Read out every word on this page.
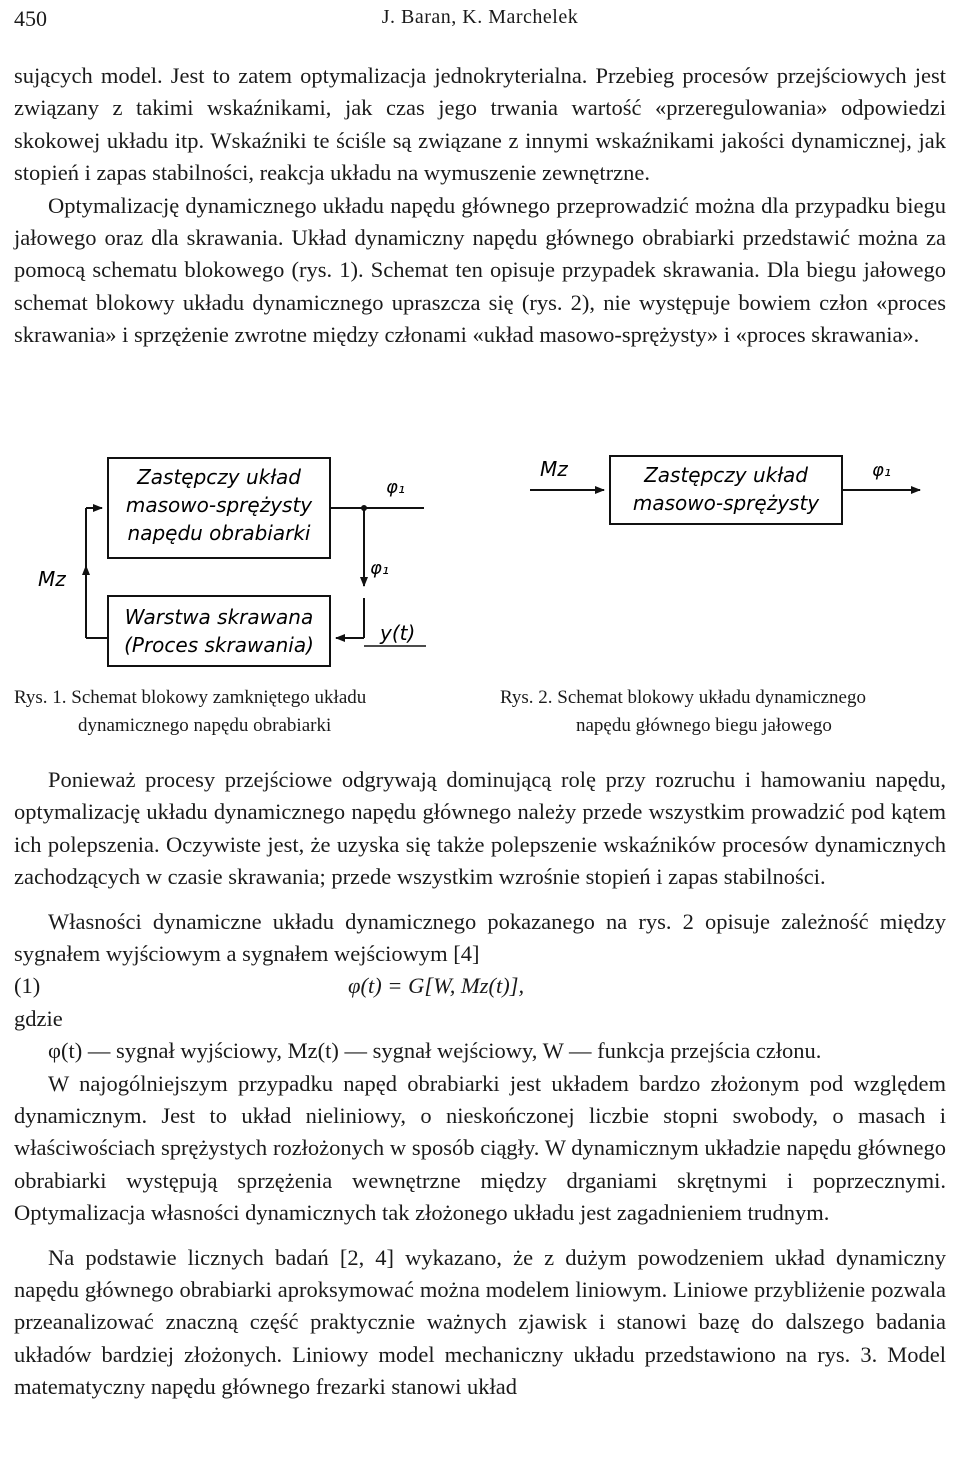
450	J. Baran, K. Marchelek

sujących model. Jest to zatem optymalizacja jednokryterialna. Przebieg procesów przejściowych jest związany z takimi wskaźnikami, jak czas jego trwania wartość «przeregulowania» odpowiedzi skokowej układu itp. Wskaźniki te ściśle są związane z innymi wskaźnikami jakości dynamicznej, jak stopień i zapas stabilności, reakcja układu na wymuszenie zewnętrzne.

Optymalizację dynamicznego układu napędu głównego przeprowadzić można dla przypadku biegu jałowego oraz dla skrawania. Układ dynamiczny napędu głównego obrabiarki przedstawić można za pomocą schematu blokowego (rys. 1). Schemat ten opisuje przypadek skrawania. Dla biegu jałowego schemat blokowy układu dynamicznego upraszcza się (rys. 2), nie występuje bowiem człon «proces skrawania» i sprzężenie zwrotne między członami «układ masowo-sprężysty» i «proces skrawania».

Zastępczy układ
masowo-sprężysty
napędu obrabiarki
Warstwa skrawana
(Proces skrawania)
φ₁
φ₁
y(t)
Mz
Rys. 1. Schemat blokowy zamkniętego układu
dynamicznego napędu obrabiarki
Zastępczy układ
masowo-sprężysty
Mz	φ₁
Rys. 2. Schemat blokowy układu dynamicznego
napędu głównego biegu jałowego

Ponieważ procesy przejściowe odgrywają dominującą rolę przy rozruchu i hamowaniu napędu, optymalizację układu dynamicznego napędu głównego należy przede wszystkim prowadzić pod kątem ich polepszenia. Oczywiste jest, że uzyska się także polepszenie wskaźników procesów dynamicznych zachodzących w czasie skrawania; przede wszystkim wzrośnie stopień i zapas stabilności.

Własności dynamiczne układu dynamicznego pokazanego na rys. 2 opisuje zależność między sygnałem wyjściowym a sygnałem wejściowym [4]

(1)	φ(t) = G[W, Mz(t)],

gdzie

φ(t) — sygnał wyjściowy, Mz(t) — sygnał wejściowy, W — funkcja przejścia członu.

W najogólniejszym przypadku napęd obrabiarki jest układem bardzo złożonym pod względem dynamicznym. Jest to układ nieliniowy, o nieskończonej liczbie stopni swobody, o masach i właściwościach sprężystych rozłożonych w sposób ciągły. W dynamicznym układzie napędu głównego obrabiarki występują sprzężenia wewnętrzne między drganiami skrętnymi i poprzecznymi. Optymalizacja własności dynamicznych tak złożonego układu jest zagadnieniem trudnym.

Na podstawie licznych badań [2, 4] wykazano, że z dużym powodzeniem układ dynamiczny napędu głównego obrabiarki aproksymować można modelem liniowym. Liniowe przybliżenie pozwala przeanalizować znaczną część praktycznie ważnych zjawisk i stanowi bazę do dalszego badania układów bardziej złożonych. Liniowy model mechaniczny układu przedstawiono na rys. 3. Model matematyczny napędu głównego frezarki stanowi układ
